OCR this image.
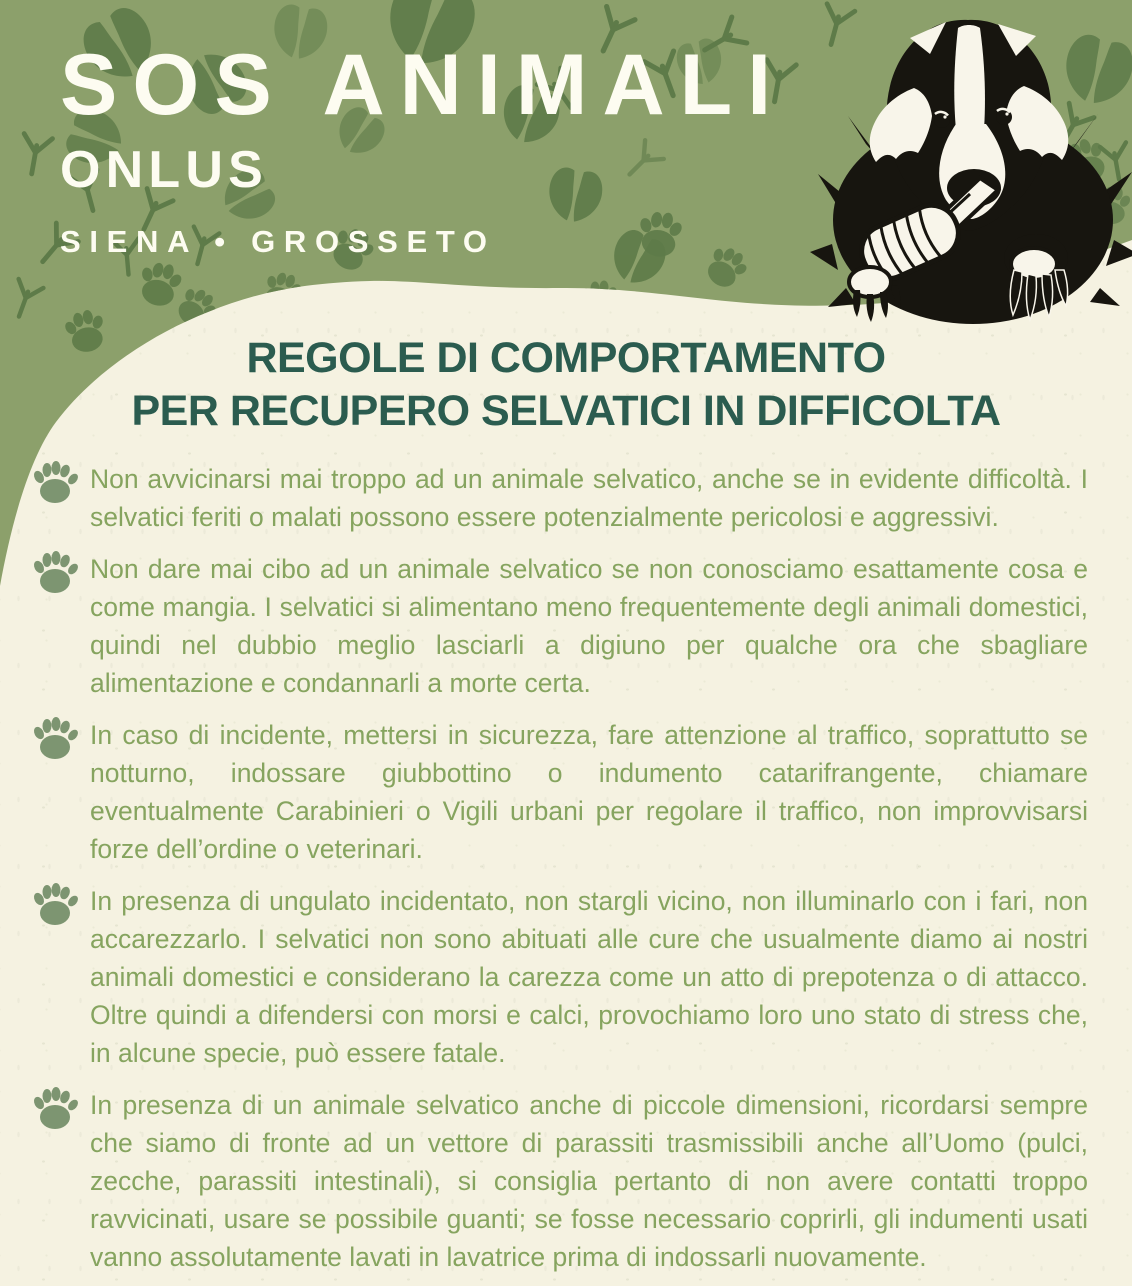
SOS ANIMALI
ONLUS
SIENA • GROSSETO
REGOLE DI COMPORTAMENTO
PER RECUPERO SELVATICI IN DIFFICOLTA

Non avvicinarsi mai troppo ad un animale selvatico, anche se in evidente difficoltà. I selvatici feriti o malati possono essere potenzialmente pericolosi e aggressivi.

Non dare mai cibo ad un animale selvatico se non conosciamo esattamente cosa e come mangia. I selvatici si alimentano meno frequentemente degli animali domestici, quindi nel dubbio meglio lasciarli a digiuno per qualche ora che sbagliare alimentazione e condannarli a morte certa.

In caso di incidente, mettersi in sicurezza, fare attenzione al traffico, soprattutto se notturno, indossare giubbottino o indumento catarifrangente, chiamare eventualmente Carabinieri o Vigili urbani per regolare il traffico, non improvvisarsi forze dell’ordine o veterinari.

In presenza di ungulato incidentato, non stargli vicino, non illuminarlo con i fari, non accarezzarlo. I selvatici non sono abituati alle cure che usualmente diamo ai nostri animali domestici e considerano la carezza come un atto di prepotenza o di attacco. Oltre quindi a difendersi con morsi e calci, provochiamo loro uno stato di stress che, in alcune specie, può essere fatale.

In presenza di un animale selvatico anche di piccole dimensioni, ricordarsi sempre che siamo di fronte ad un vettore di parassiti trasmissibili anche all’Uomo (pulci, zecche, parassiti intestinali), si consiglia pertanto di non avere contatti troppo ravvicinati, usare se possibile guanti; se fosse necessario coprirli, gli indumenti usati vanno assolutamente lavati in lavatrice prima di indossarli nuovamente.
